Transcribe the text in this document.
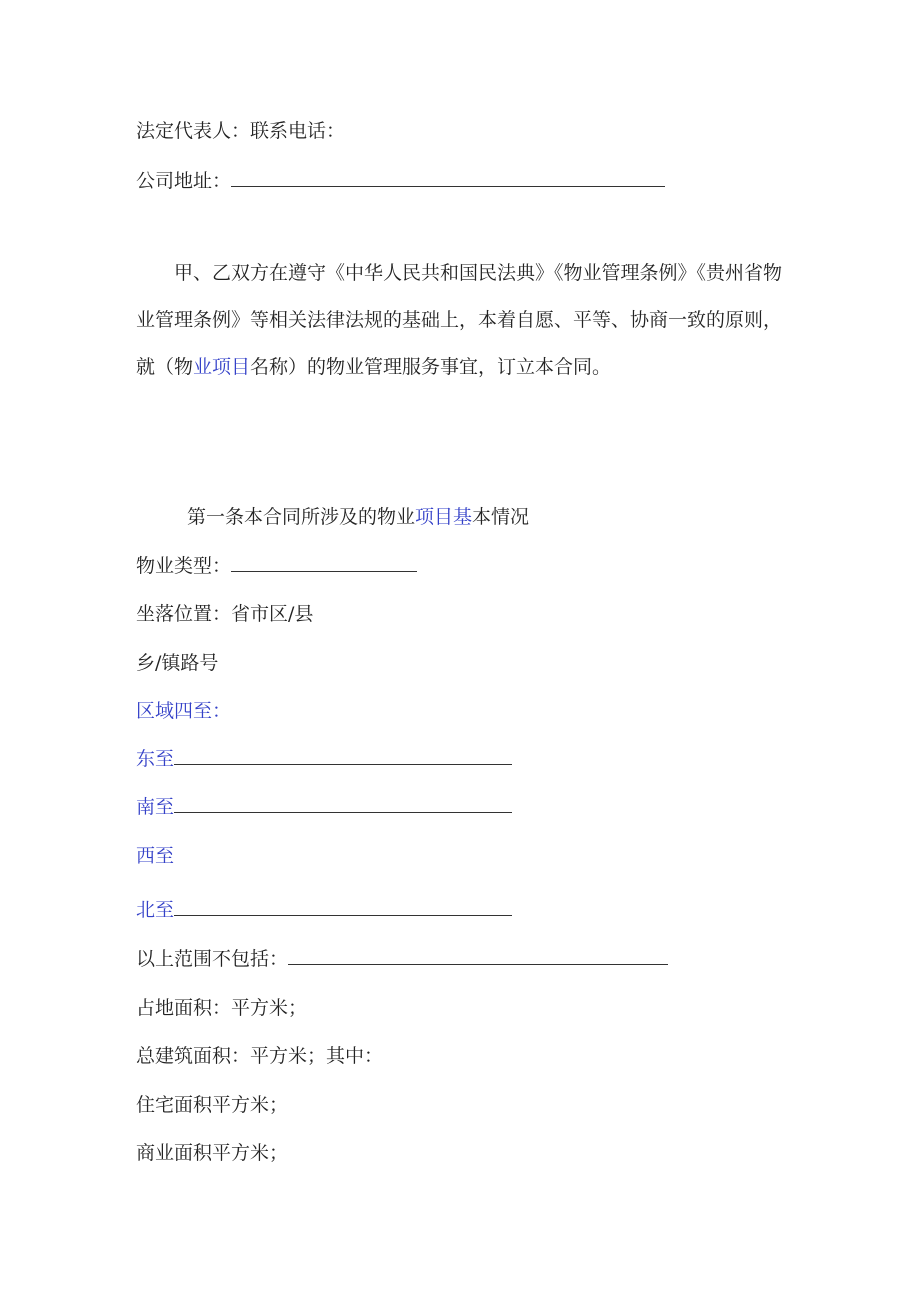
法定代表人：联系电话：
公司地址：
甲、乙双方在遵守《中华人民共和国民法典》《物业管理条例》《贵州省物业管理条例》等相关法律法规的基础上，本着自愿、平等、协商一致的原则，就（物业项目名称）的物业管理服务事宜，订立本合同。
第一条本合同所涉及的物业项目基本情况
物业类型：
坐落位置：省市区/县
乡/镇路号
区域四至：
东至
南至
西至
北至
以上范围不包括：
占地面积：平方米；
总建筑面积：平方米；其中：
住宅面积平方米；
商业面积平方米；
